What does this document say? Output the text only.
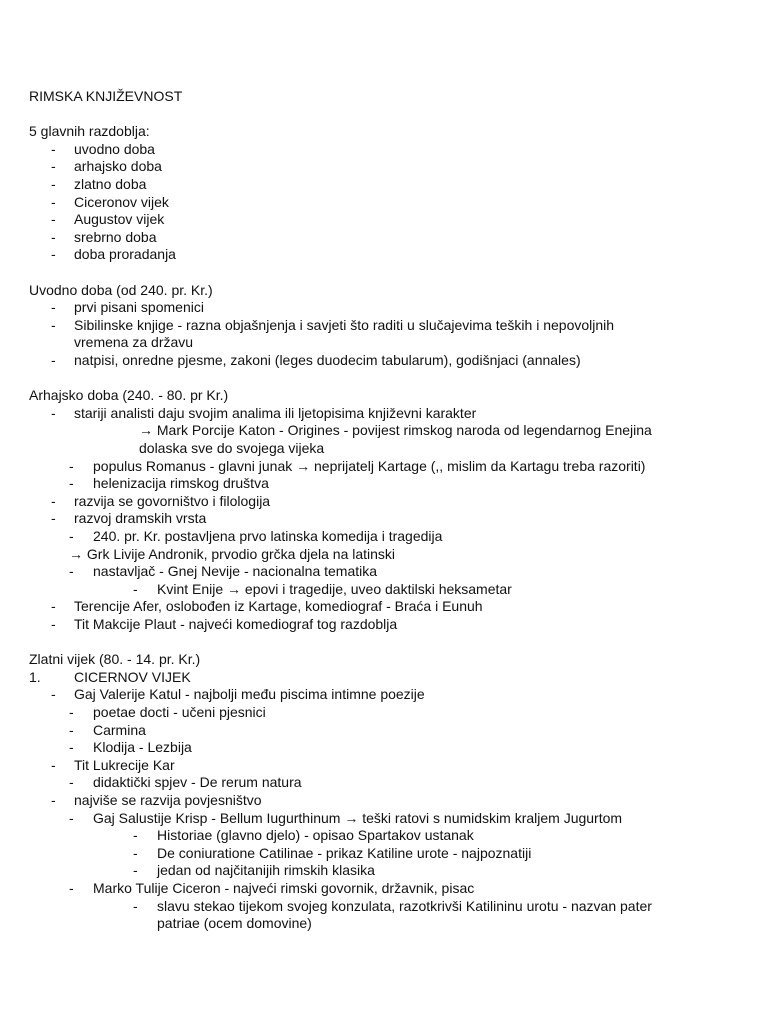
RIMSKA KNJIŽEVNOST
5 glavnih razdoblja:
- uvodno doba
- arhajsko doba
- zlatno doba
- Ciceronov vijek
- Augustov vijek
- srebrno doba
- doba proradanja
Uvodno doba (od 240. pr. Kr.)
- prvi pisani spomenici
- Sibilinske knjige - razna objašnjenja i savjeti što raditi u slučajevima teških i nepovoljnih
vremena za državu
- natpisi, onredne pjesme, zakoni (leges duodecim tabularum), godišnjaci (annales)
Arhajsko doba (240. - 80. pr Kr.)
- stariji analisti daju svojim analima ili ljetopisima književni karakter
→ Mark Porcije Katon - Origines - povijest rimskog naroda od legendarnog Enejina
dolaska sve do svojega vijeka
- populus Romanus - glavni junak → neprijatelj Kartage (,, mislim da Kartagu treba razoriti)
- helenizacija rimskog društva
- razvija se govorništvo i filologija
- razvoj dramskih vrsta
- 240. pr. Kr. postavljena prvo latinska komedija i tragedija
→ Grk Livije Andronik, prvodio grčka djela na latinski
- nastavljač - Gnej Nevije - nacionalna tematika
- Kvint Enije → epovi i tragedije, uveo daktilski heksametar
- Terencije Afer, oslobođen iz Kartage, komediograf - Braća i Eunuh
- Tit Makcije Plaut - najveći komediograf tog razdoblja
Zlatni vijek (80. - 14. pr. Kr.)
1. CICERNOV VIJEK
- Gaj Valerije Katul - najbolji među piscima intimne poezije
- poetae docti - učeni pjesnici
- Carmina
- Klodija - Lezbija
- Tit Lukrecije Kar
- didaktički spjev - De rerum natura
- najviše se razvija povjesništvo
- Gaj Salustije Krisp - Bellum Iugurthinum → teški ratovi s numidskim kraljem Jugurtom
- Historiae (glavno djelo) - opisao Spartakov ustanak
- De coniuratione Catilinae - prikaz Katiline urote - najpoznatiji
- jedan od najčitanijih rimskih klasika
- Marko Tulije Ciceron - najveći rimski govornik, državnik, pisac
- slavu stekao tijekom svojeg konzulata, razotkrivši Katilininu urotu - nazvan pater
patriae (ocem domovine)
